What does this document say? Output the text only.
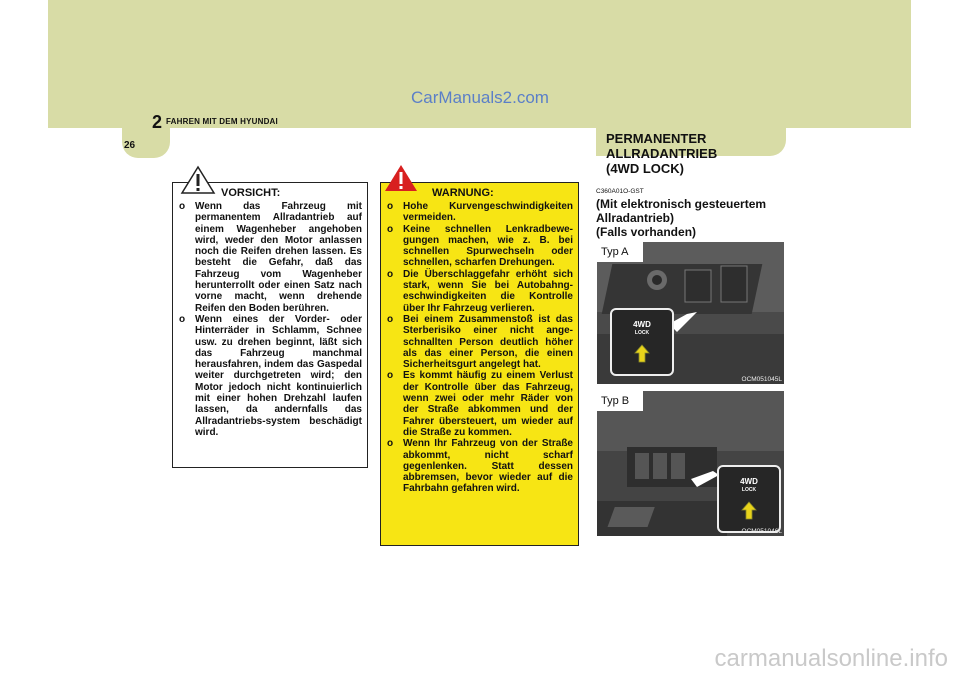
CarManuals2.com
2 FAHREN MIT DEM HYUNDAI
26	PERMANENTER
ALLRADANTRIEB
(4WD LOCK)
VORSICHT:
o Wenn das Fahrzeug mit permanentem Allradantrieb auf einem Wagenheber angehoben wird, weder den Motor anlassen noch die Reifen drehen lassen. Es besteht die Gefahr, daß das Fahrzeug vom Wagenheber herunterrollt oder einen Satz nach vorne macht, wenn drehende Reifen den Boden berühren.
o Wenn eines der Vorder- oder Hinterräder in Schlamm, Schnee usw. zu drehen beginnt, läßt sich das Fahrzeug manchmal herausfahren, indem das Gaspedal weiter durchgetreten wird; den Motor jedoch nicht kontinuierlich mit einer hohen Drehzahl laufen lassen, da andernfalls das Allradantriebs-system beschädigt wird.
WARNUNG:
o Hohe Kurvengeschwindigkeiten vermeiden.
o Keine schnellen Lenkradbewe-gungen machen, wie z. B. bei schnellen Spurwechseln oder schnellen, scharfen Drehungen.
o Die Überschlaggefahr erhöht sich stark, wenn Sie bei Autobahng-eschwindigkeiten die Kontrolle über Ihr Fahrzeug verlieren.
o Bei einem Zusammenstoß ist das Sterberisiko einer nicht ange-schnallten Person deutlich höher als das einer Person, die einen Sicherheitsgurt angelegt hat.
o Es kommt häufig zu einem Verlust der Kontrolle über das Fahrzeug, wenn zwei oder mehr Räder von der Straße abkommen und der Fahrer übersteuert, um wieder auf die Straße zu kommen.
o Wenn Ihr Fahrzeug von der Straße abkommt, nicht scharf gegenlenken. Statt dessen abbremsen, bevor wieder auf die Fahrbahn gefahren wird.
C360A01O-GST
(Mit elektronisch gesteuertem
Allradantrieb)
(Falls vorhanden)
Typ A
4WD
LOCK
OCM051045L
Typ B
4WD
LOCK
OCM051046L
carmanualsonline.info
